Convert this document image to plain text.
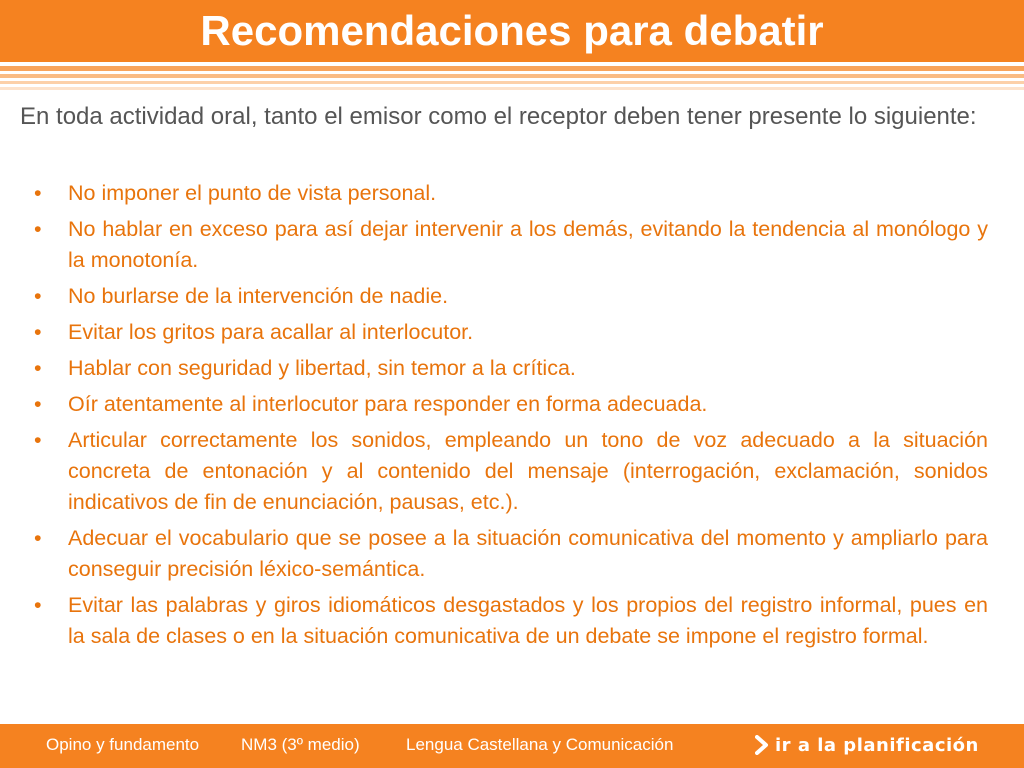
Recomendaciones para debatir
En toda actividad oral, tanto el emisor como el receptor deben tener presente lo siguiente:
• No imponer el punto de vista personal.
• No hablar en exceso para así dejar intervenir a los demás, evitando la tendencia al monólogo y la monotonía.
• No burlarse de la intervención de nadie.
• Evitar los gritos para acallar al interlocutor.
• Hablar con seguridad y libertad, sin temor a la crítica.
• Oír atentamente al interlocutor para responder en forma adecuada.
• Articular correctamente los sonidos, empleando un tono de voz adecuado a la situación concreta de entonación y al contenido del mensaje (interrogación, exclamación, sonidos indicativos de fin de enunciación, pausas, etc.).
• Adecuar el vocabulario que se posee a la situación comunicativa del momento y ampliarlo para conseguir precisión léxico-semántica.
• Evitar las palabras y giros idiomáticos desgastados y los propios del registro informal, pues en la sala de clases o en la situación comunicativa de un debate se impone el registro formal.
Opino y fundamento NM3 (3º medio)	Lengua Castellana y Comunicación	ir a la planificación
